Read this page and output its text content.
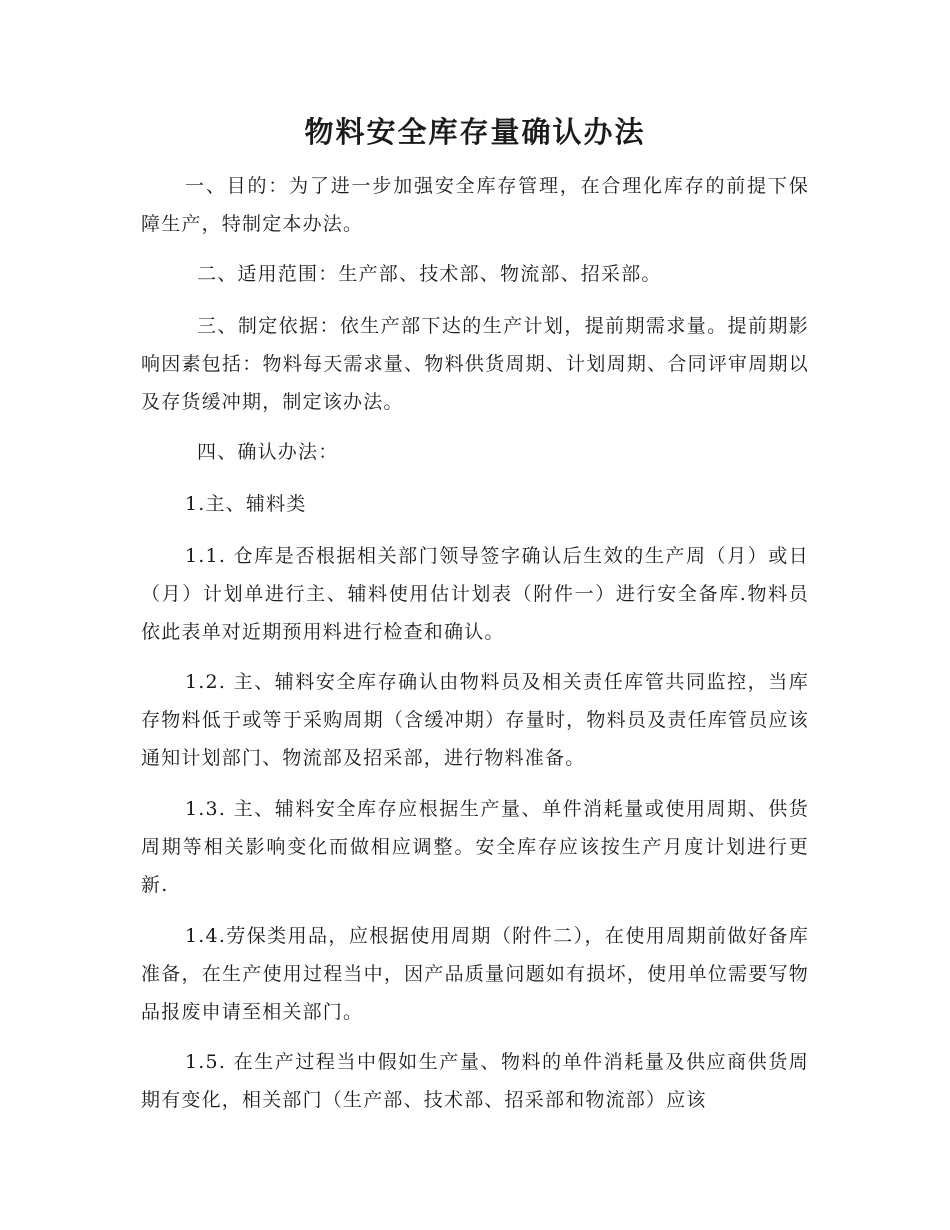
物料安全库存量确认办法

一、目的：为了进一步加强安全库存管理，在合理化库存的前提下保障生产，特制定本办法。

二、适用范围：生产部、技术部、物流部、招采部。

三、制定依据：依生产部下达的生产计划，提前期需求量。提前期影响因素包括：物料每天需求量、物料供货周期、计划周期、合同评审周期以及存货缓冲期，制定该办法。

四、确认办法：

1.主、辅料类

1.1. 仓库是否根据相关部门领导签字确认后生效的生产周（月）或日（月）计划单进行主、辅料使用估计划表（附件一）进行安全备库.物料员依此表单对近期预用料进行检查和确认。

1.2. 主、辅料安全库存确认由物料员及相关责任库管共同监控，当库存物料低于或等于采购周期（含缓冲期）存量时，物料员及责任库管员应该通知计划部门、物流部及招采部，进行物料准备。

1.3. 主、辅料安全库存应根据生产量、单件消耗量或使用周期、供货周期等相关影响变化而做相应调整。安全库存应该按生产月度计划进行更新.

1.4.劳保类用品，应根据使用周期（附件二），在使用周期前做好备库准备，在生产使用过程当中，因产品质量问题如有损坏，使用单位需要写物品报废申请至相关部门。

1.5. 在生产过程当中假如生产量、物料的单件消耗量及供应商供货周期有变化，相关部门（生产部、技术部、招采部和物流部）应该
